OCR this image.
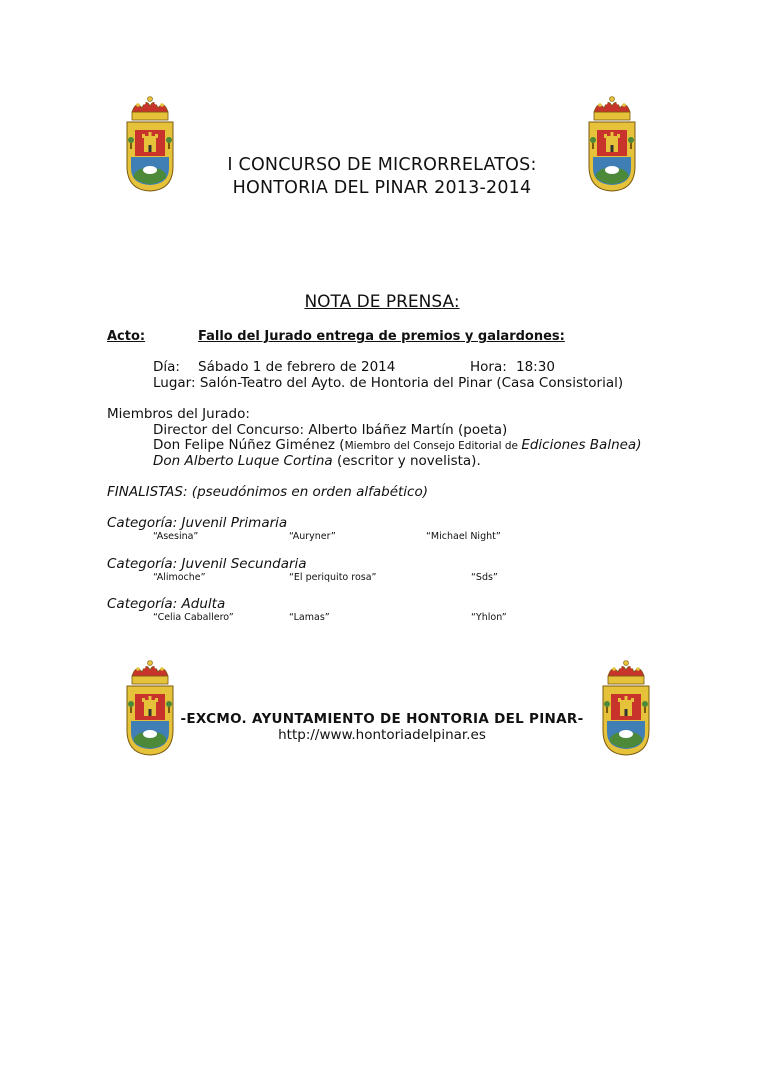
I CONCURSO DE MICRORRELATOS:
HONTORIA DEL PINAR 2013-2014
NOTA DE PRENSA:
Acto:	Fallo del Jurado entrega de premios y galardones:
Día: Sábado 1 de febrero de 2014	Hora: 18:30
Lugar: Salón-Teatro del Ayto. de Hontoria del Pinar (Casa Consistorial)
Miembros del Jurado:
Director del Concurso: Alberto Ibáñez Martín (poeta)
Don Felipe Núñez Giménez (Miembro del Consejo Editorial de Ediciones Balnea)
Don Alberto Luque Cortina (escritor y novelista).
FINALISTAS: (pseudónimos en orden alfabético)
Categoría: Juvenil Primaria
“Asesina”	“Auryner”	“Michael Night”
Categoría: Juvenil Secundaria
“Alimoche”	“El periquito rosa”	“Sds”
Categoría: Adulta
“Celia Caballero”	“Lamas”	“Yhlon”
-EXCMO. AYUNTAMIENTO DE HONTORIA DEL PINAR-
http://www.hontoriadelpinar.es
